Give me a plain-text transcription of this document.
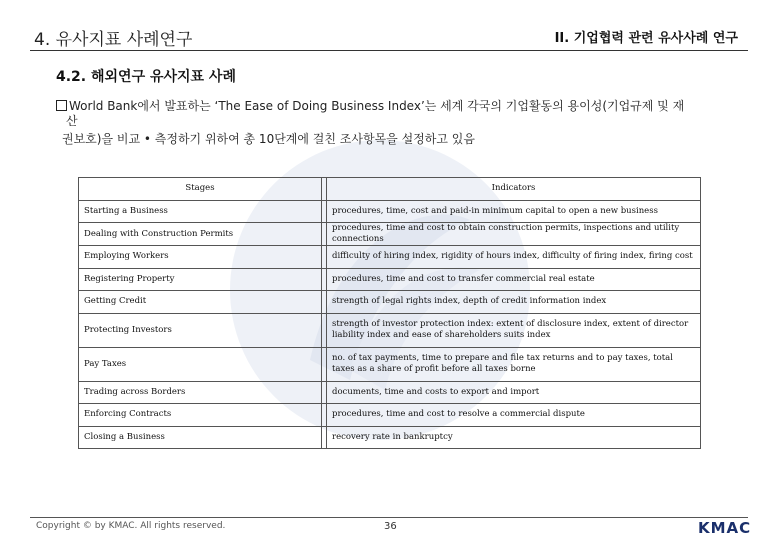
4. 유사지표 사례연구	II. 기업협력 관련 유사사례 연구
4.2. 해외연구 유사지표 사례
World Bank에서 발표하는 ‘The Ease of Doing Business Index’는 세계 각국의 기업활동의 용이성(기업규제 및 재
산
권보호)을 비교 • 측정하기 위하여 총 10단계에 걸친 조사항목을 설정하고 있음
Stages		Indicators
Starting a Business		procedures, time, cost and paid-in minimum capital to open a new business
Dealing with Construction Permits		procedures, time and cost to obtain construction permits, inspections and utility connections
Employing Workers		difficulty of hiring index, rigidity of hours index, difficulty of firing index, firing cost
Registering Property		procedures, time and cost to transfer commercial real estate
Getting Credit		strength of legal rights index, depth of credit information index
Protecting Investors		strength of investor protection index: extent of disclosure index, extent of director liability index and ease of shareholders suits index
Pay Taxes		no. of tax payments, time to prepare and file tax returns and to pay taxes, total taxes as a share of profit before all taxes borne
Trading across Borders		documents, time and costs to export and import
Enforcing Contracts		procedures, time and cost to resolve a commercial dispute
Closing a Business		recovery rate in bankruptcy
Copyright © by KMAC. All rights reserved.	36	KMAC
